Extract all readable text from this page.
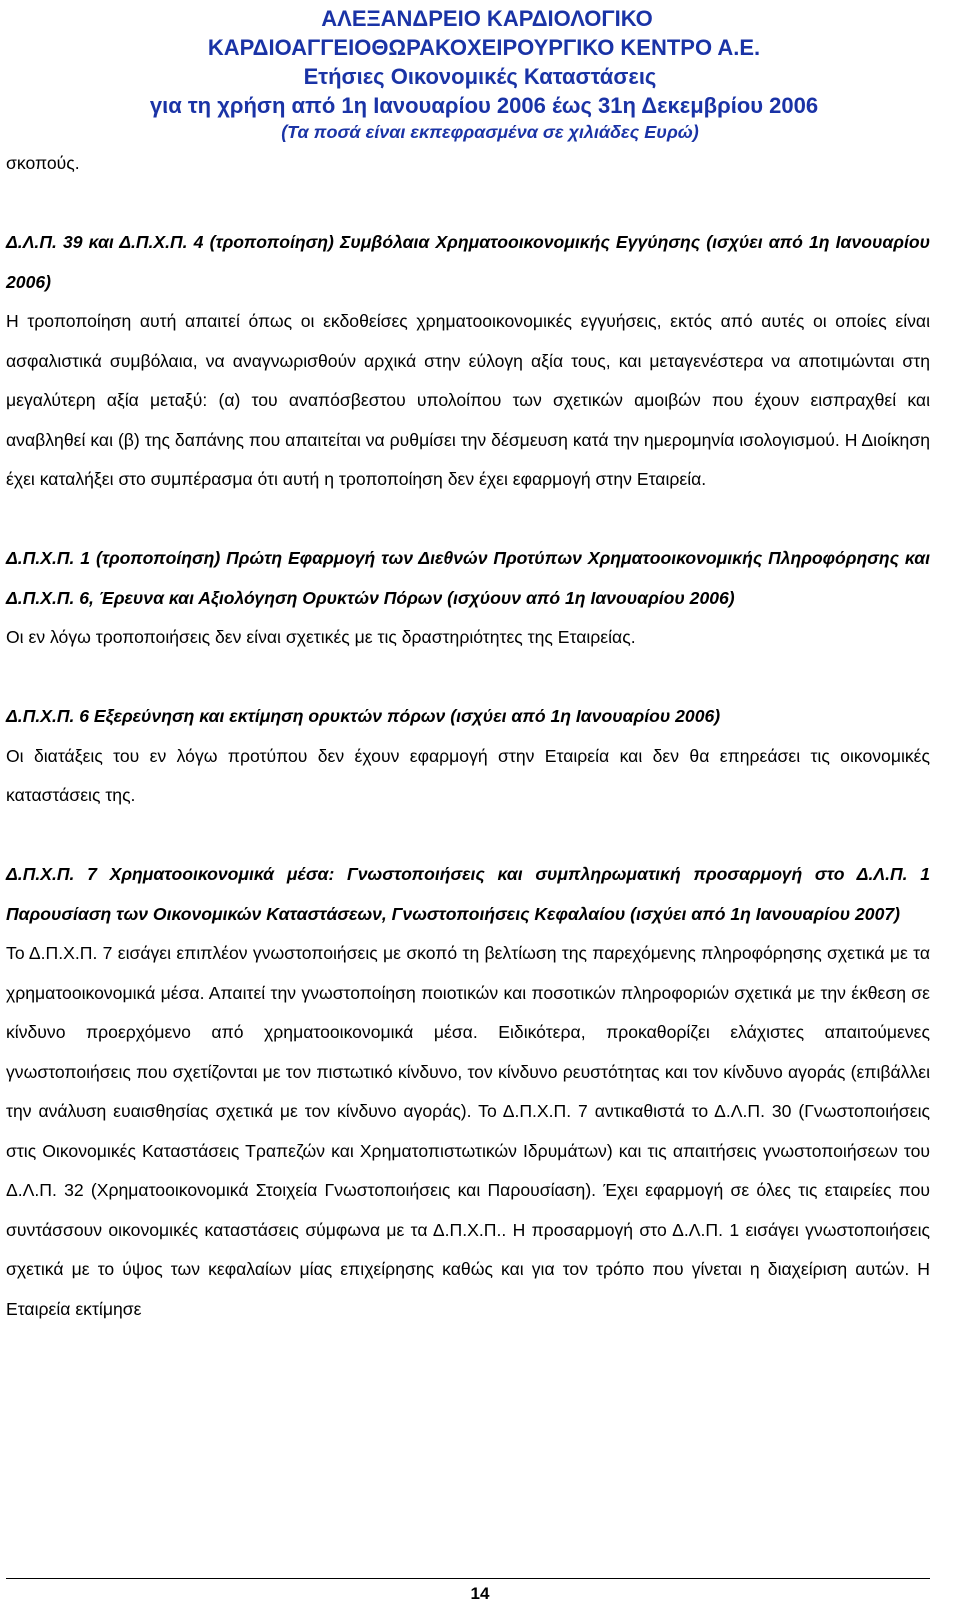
ΑΛΕΞΑΝΔΡΕΙΟ ΚΑΡΔΙΟΛΟΓΙΚΟ
ΚΑΡΔΙΟΑΓΓΕΙΟΘΩΡΑΚΟΧΕΙΡΟΥΡΓΙΚΟ ΚΕΝΤΡΟ Α.Ε.
Ετήσιες Οικονομικές Καταστάσεις
για τη χρήση από 1η Ιανουαρίου 2006 έως 31η Δεκεμβρίου 2006
(Τα ποσά είναι εκπεφρασμένα σε χιλιάδες Ευρώ)

σκοπούς.

Δ.Λ.Π. 39 και Δ.Π.Χ.Π. 4 (τροποποίηση) Συμβόλαια Χρηματοοικονομικής Εγγύησης (ισχύει από 1η Ιανουαρίου 2006)

Η τροποποίηση αυτή απαιτεί όπως οι εκδοθείσες χρηματοοικονομικές εγγυήσεις, εκτός από αυτές οι οποίες είναι ασφαλιστικά συμβόλαια, να αναγνωρισθούν αρχικά στην εύλογη αξία τους, και μεταγενέστερα να αποτιμώνται στη μεγαλύτερη αξία μεταξύ: (α) του αναπόσβεστου υπολοίπου των σχετικών αμοιβών που έχουν εισπραχθεί και αναβληθεί και (β) της δαπάνης που απαιτείται να ρυθμίσει την δέσμευση κατά την ημερομηνία ισολογισμού. Η Διοίκηση έχει καταλήξει στο συμπέρασμα ότι αυτή η τροποποίηση δεν έχει εφαρμογή στην Εταιρεία.

Δ.Π.Χ.Π. 1 (τροποποίηση) Πρώτη Εφαρμογή των Διεθνών Προτύπων Χρηματοοικονομικής Πληροφόρησης και Δ.Π.Χ.Π. 6, Έρευνα και Αξιολόγηση Ορυκτών Πόρων (ισχύουν από 1η Ιανουαρίου 2006)

Οι εν λόγω τροποποιήσεις δεν είναι σχετικές με τις δραστηριότητες της Εταιρείας.

Δ.Π.Χ.Π. 6 Εξερεύνηση και εκτίμηση ορυκτών πόρων (ισχύει από 1η Ιανουαρίου 2006)

Οι διατάξεις του εν λόγω προτύπου δεν έχουν εφαρμογή στην Εταιρεία και δεν θα επηρεάσει τις οικονομικές καταστάσεις της.

Δ.Π.Χ.Π. 7 Χρηματοοικονομικά μέσα: Γνωστοποιήσεις και συμπληρωματική προσαρμογή στο Δ.Λ.Π. 1 Παρουσίαση των Οικονομικών Καταστάσεων, Γνωστοποιήσεις Κεφαλαίου (ισχύει από 1η Ιανουαρίου 2007)

Το Δ.Π.Χ.Π. 7 εισάγει επιπλέον γνωστοποιήσεις με σκοπό τη βελτίωση της παρεχόμενης πληροφόρησης σχετικά με τα χρηματοοικονομικά μέσα. Απαιτεί την γνωστοποίηση ποιοτικών και ποσοτικών πληροφοριών σχετικά με την έκθεση σε κίνδυνο προερχόμενο από χρηματοοικονομικά μέσα. Ειδικότερα, προκαθορίζει ελάχιστες απαιτούμενες γνωστοποιήσεις που σχετίζονται με τον πιστωτικό κίνδυνο, τον κίνδυνο ρευστότητας και τον κίνδυνο αγοράς (επιβάλλει την ανάλυση ευαισθησίας σχετικά με τον κίνδυνο αγοράς). Το Δ.Π.Χ.Π. 7 αντικαθιστά το Δ.Λ.Π. 30 (Γνωστοποιήσεις στις Οικονομικές Καταστάσεις Τραπεζών και Χρηματοπιστωτικών Ιδρυμάτων) και τις απαιτήσεις γνωστοποιήσεων του Δ.Λ.Π. 32 (Χρηματοοικονομικά Στοιχεία Γνωστοποιήσεις και Παρουσίαση). Έχει εφαρμογή σε όλες τις εταιρείες που συντάσσουν οικονομικές καταστάσεις σύμφωνα με τα Δ.Π.Χ.Π.. Η προσαρμογή στο Δ.Λ.Π. 1 εισάγει γνωστοποιήσεις σχετικά με το ύψος των κεφαλαίων μίας επιχείρησης καθώς και για τον τρόπο που γίνεται η διαχείριση αυτών. Η Εταιρεία εκτίμησε

14
